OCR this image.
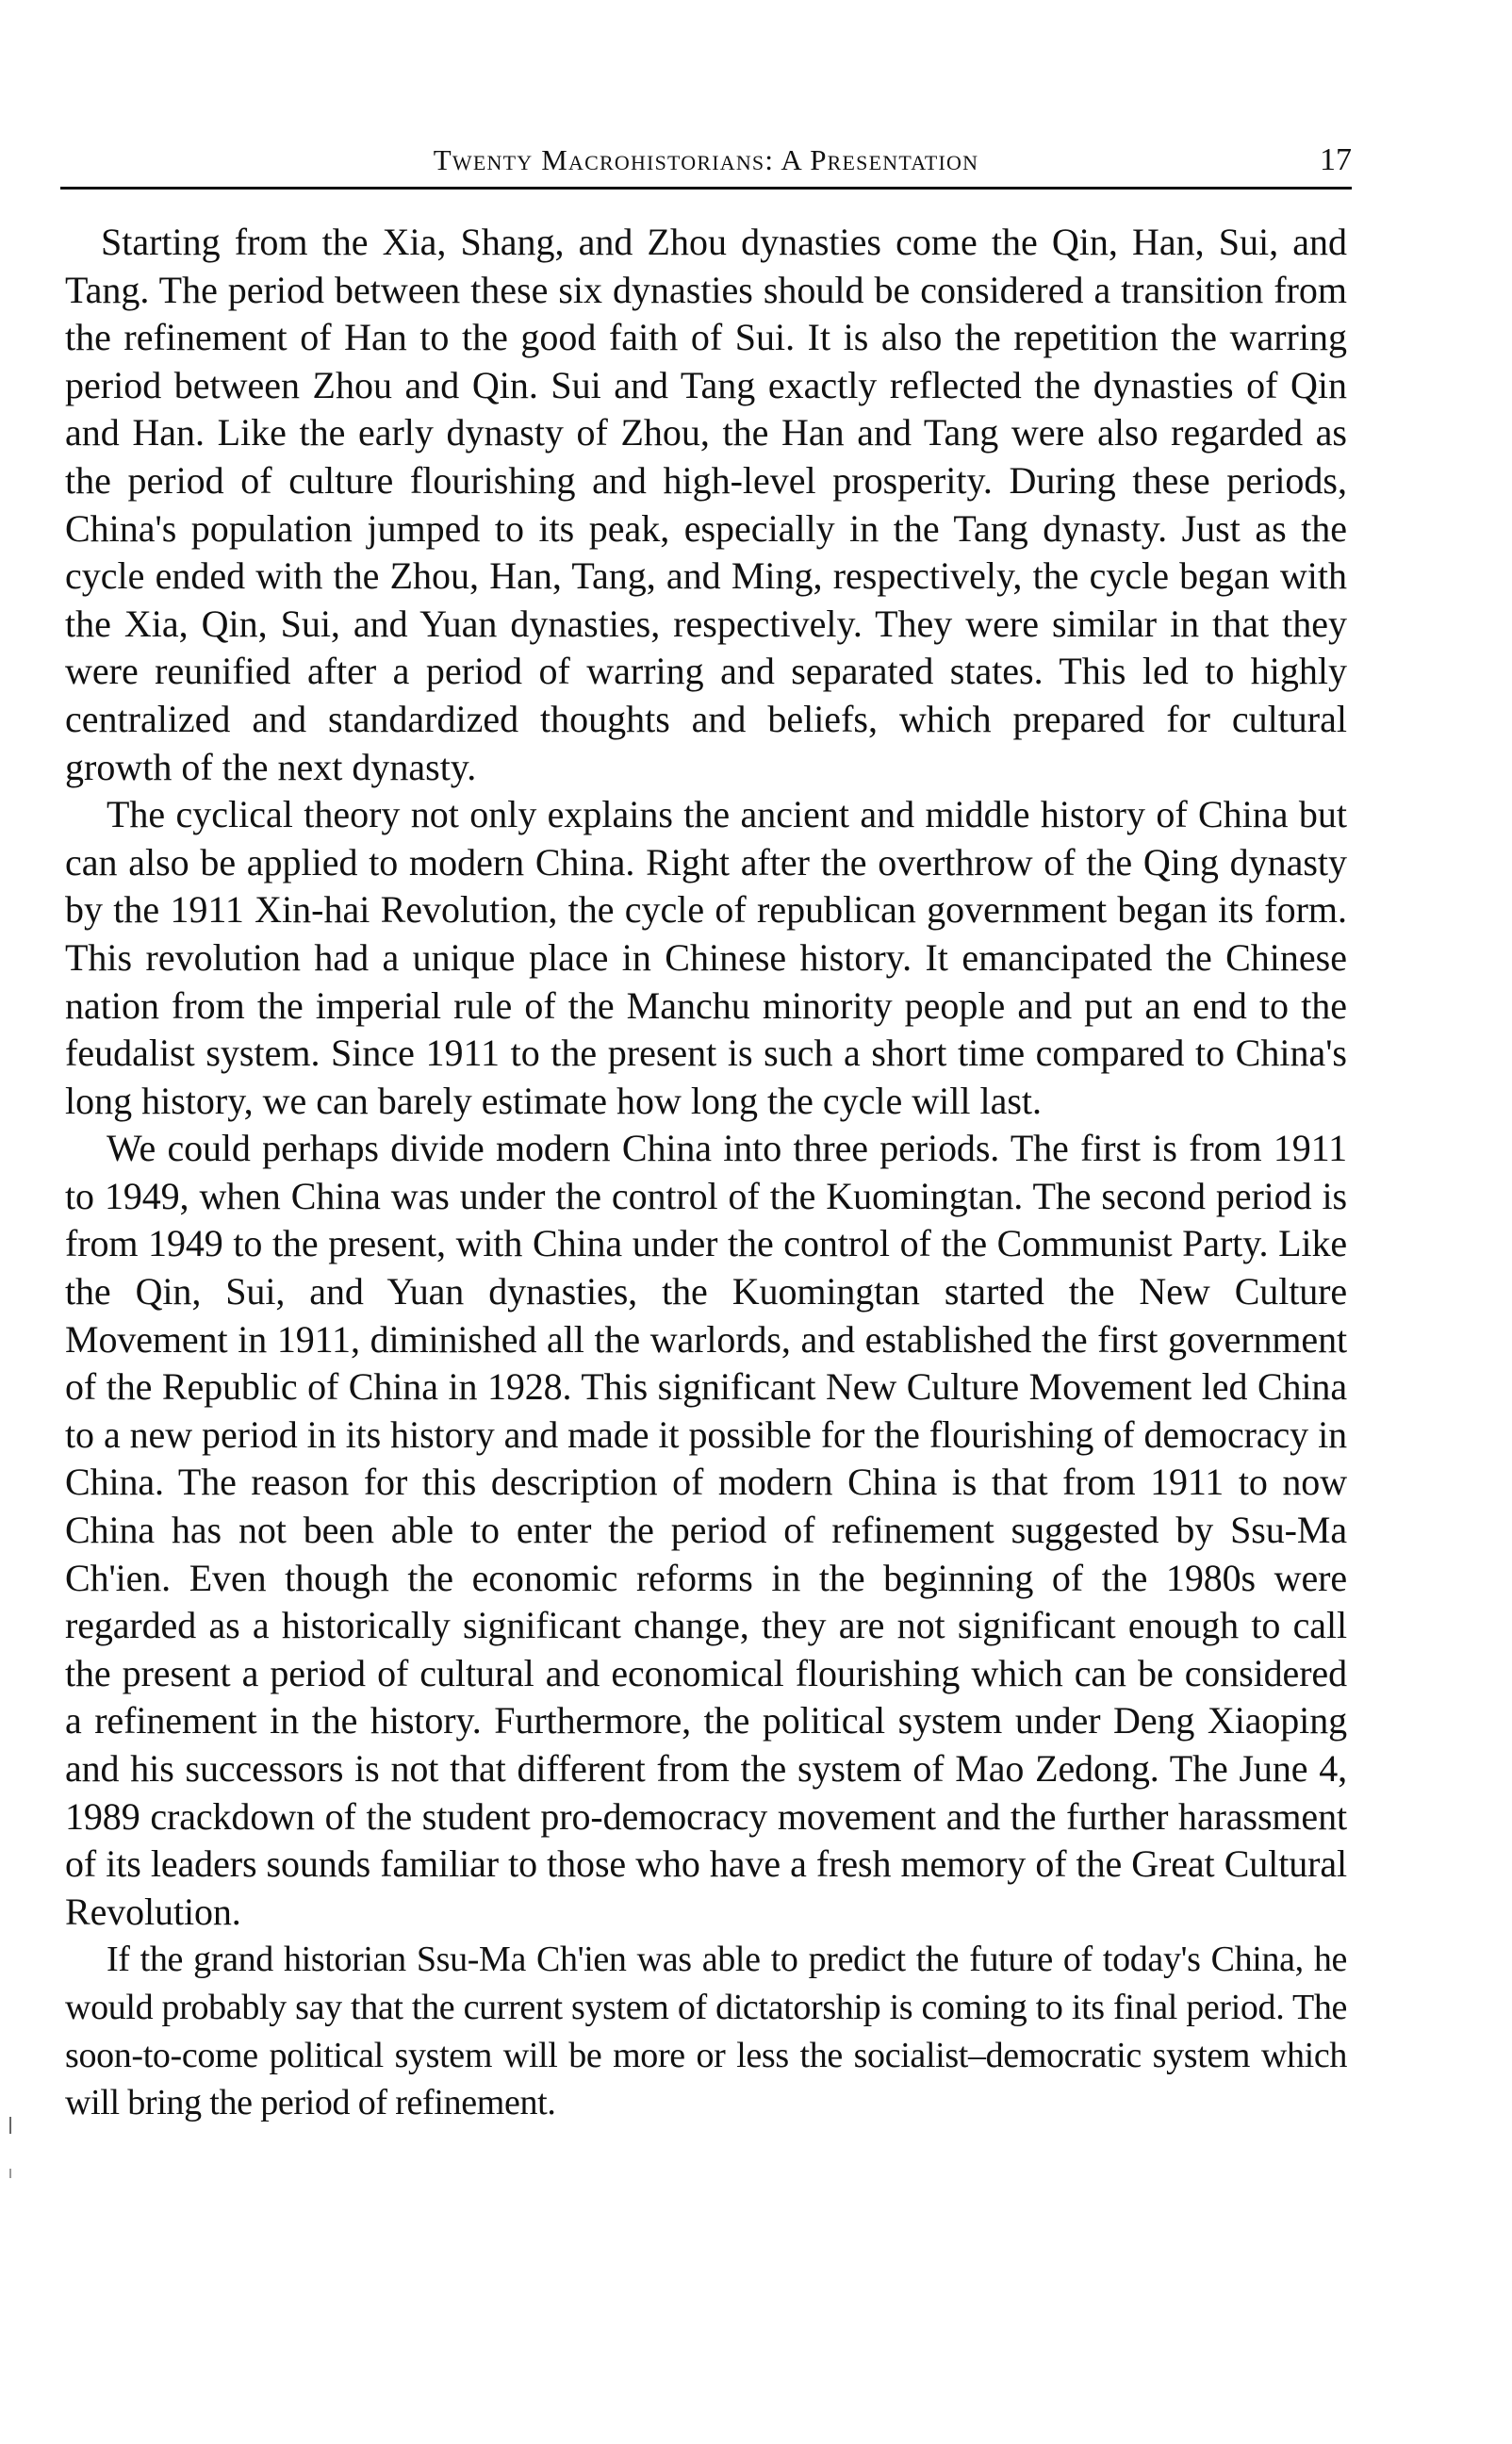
Twenty Macrohistorians: A Presentation	17

Starting from the Xia, Shang, and Zhou dynasties come the Qin, Han, Sui, and Tang. The period between these six dynasties should be considered a transition from the refinement of Han to the good faith of Sui. It is also the repetition the warring period between Zhou and Qin. Sui and Tang exactly reflected the dynasties of Qin and Han. Like the early dynasty of Zhou, the Han and Tang were also regarded as the period of culture flourishing and high-level prosperity. During these periods, China's population jumped to its peak, especially in the Tang dynasty. Just as the cycle ended with the Zhou, Han, Tang, and Ming, respectively, the cycle began with the Xia, Qin, Sui, and Yuan dynasties, respectively. They were similar in that they were reunified after a period of warring and separated states. This led to highly centralized and standardized thoughts and beliefs, which prepared for cultural growth of the next dynasty.

The cyclical theory not only explains the ancient and middle history of China but can also be applied to modern China. Right after the overthrow of the Qing dynasty by the 1911 Xin-hai Revolution, the cycle of republican government began its form. This revolution had a unique place in Chinese history. It emancipated the Chinese nation from the imperial rule of the Manchu minority people and put an end to the feudalist system. Since 1911 to the present is such a short time compared to China's long history, we can barely estimate how long the cycle will last.

We could perhaps divide modern China into three periods. The first is from 1911 to 1949, when China was under the control of the Kuomingtan. The second period is from 1949 to the present, with China under the control of the Communist Party. Like the Qin, Sui, and Yuan dynasties, the Kuomingtan started the New Culture Movement in 1911, diminished all the warlords, and established the first government of the Republic of China in 1928. This significant New Culture Movement led China to a new period in its history and made it possible for the flourishing of democracy in China. The reason for this description of modern China is that from 1911 to now China has not been able to enter the period of refinement suggested by Ssu-Ma Ch'ien. Even though the economic reforms in the beginning of the 1980s were regarded as a historically significant change, they are not significant enough to call the present a period of cultural and economical flourishing which can be considered a refinement in the history. Furthermore, the political system under Deng Xiaoping and his successors is not that different from the system of Mao Zedong. The June 4, 1989 crackdown of the student pro-democracy movement and the further harassment of its leaders sounds familiar to those who have a fresh memory of the Great Cultural Revolution.

If the grand historian Ssu-Ma Ch'ien was able to predict the future of today's China, he would probably say that the current system of dictatorship is coming to its final period. The soon-to-come political system will be more or less the socialist–democratic system which will bring the period of refinement.
